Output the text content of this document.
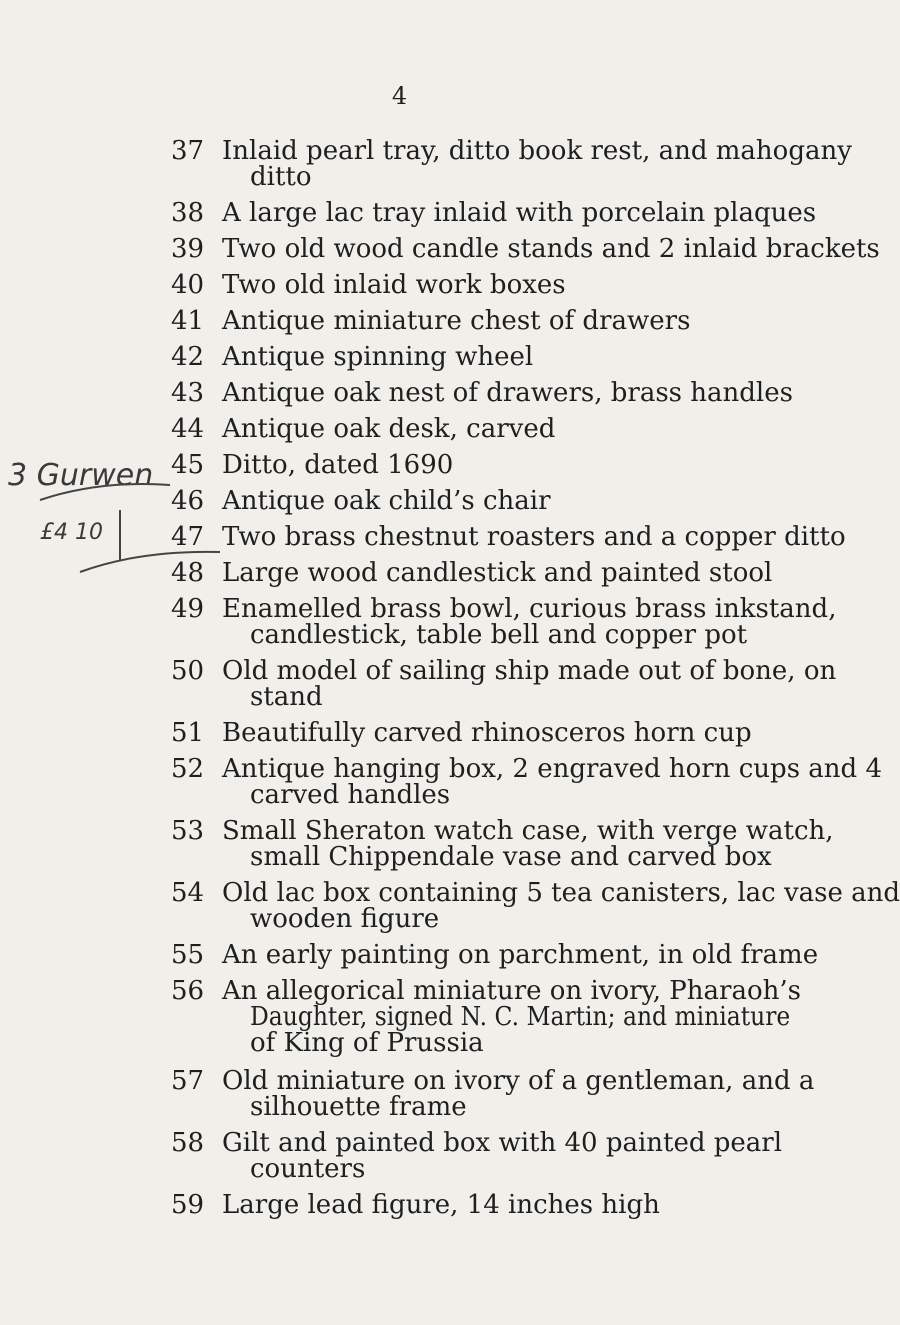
4
37 Inlaid pearl tray, ditto book rest, and mahogany
ditto
38 A large lac tray inlaid with porcelain plaques
39 Two old wood candle stands and 2 inlaid brackets
40 Two old inlaid work boxes
41 Antique miniature chest of drawers
42 Antique spinning wheel
43 Antique oak nest of drawers, brass handles
44 Antique oak desk, carved
45 Ditto, dated 1690
46 Antique oak child’s chair
47 Two brass chestnut roasters and a copper ditto
48 Large wood candlestick and painted stool
49 Enamelled brass bowl, curious brass inkstand,
candlestick, table bell and copper pot
50 Old model of sailing ship made out of bone, on
stand
51 Beautifully carved rhinosceros horn cup
52 Antique hanging box, 2 engraved horn cups and 4
carved handles
53 Small Sheraton watch case, with verge watch,
small Chippendale vase and carved box
54 Old lac box containing 5 tea canisters, lac vase and
wooden figure
55 An early painting on parchment, in old frame
56 An allegorical miniature on ivory, Pharaoh’s
Daughter, signed N. C. Martin; and miniature
of King of Prussia
57 Old miniature on ivory of a gentleman, and a
silhouette frame
58 Gilt and painted box with 40 painted pearl
counters
59 Large lead figure, 14 inches high
3 Gurwen
£4 10
